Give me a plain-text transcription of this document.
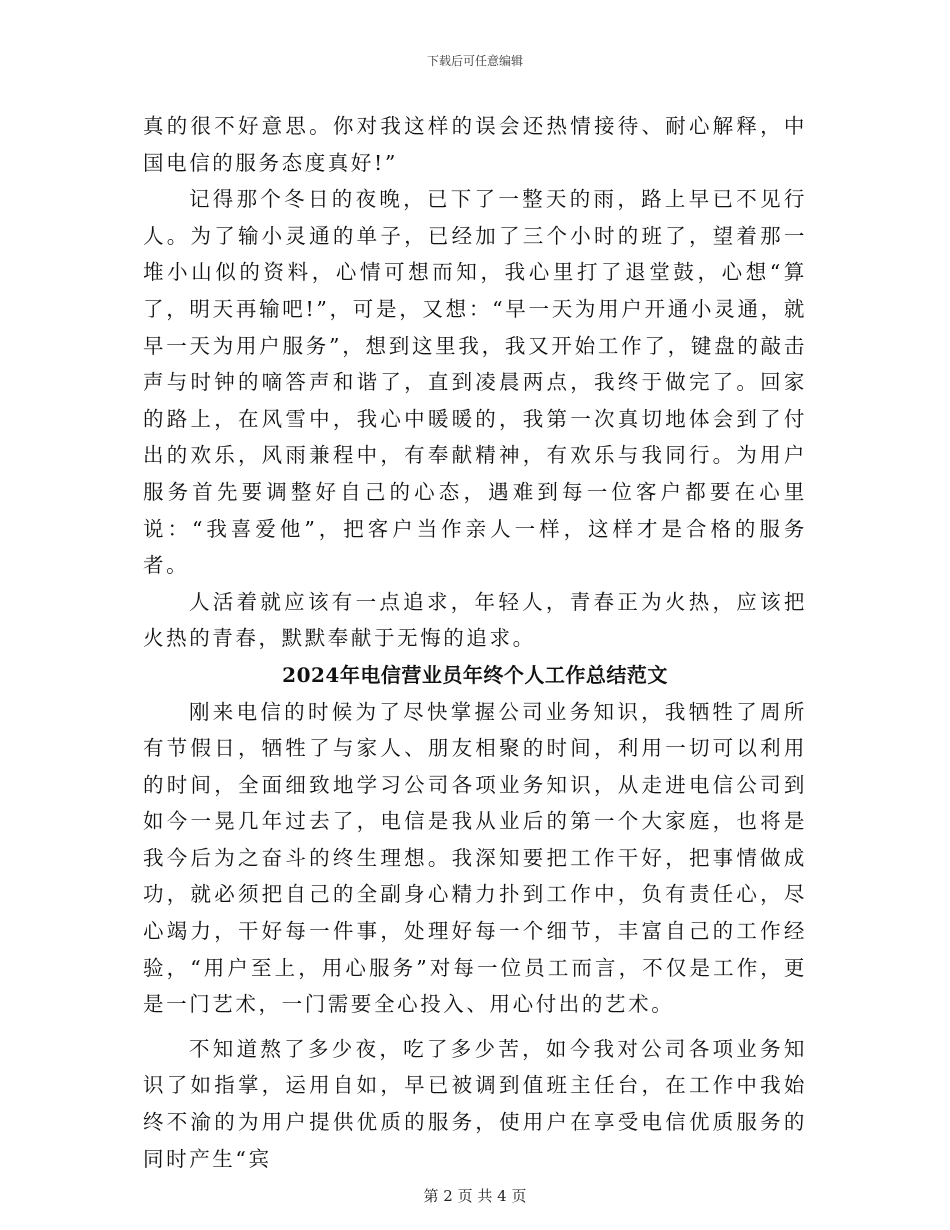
下载后可任意编辑

真的很不好意思。你对我这样的误会还热情接待、耐心解释，中国电信的服务态度真好!”

记得那个冬日的夜晚，已下了一整天的雨，路上早已不见行人。为了输小灵通的单子，已经加了三个小时的班了，望着那一堆小山似的资料，心情可想而知，我心里打了退堂鼓，心想“算了，明天再输吧!”，可是，又想：“早一天为用户开通小灵通，就早一天为用户服务”，想到这里我，我又开始工作了，键盘的敲击声与时钟的嘀答声和谐了，直到凌晨两点，我终于做完了。回家的路上，在风雪中，我心中暖暖的，我第一次真切地体会到了付出的欢乐，风雨兼程中，有奉献精神，有欢乐与我同行。为用户服务首先要调整好自己的心态，遇难到每一位客户都要在心里说：“我喜爱他”，把客户当作亲人一样，这样才是合格的服务者。

人活着就应该有一点追求，年轻人，青春正为火热，应该把火热的青春，默默奉献于无悔的追求。

2024年电信营业员年终个人工作总结范文

刚来电信的时候为了尽快掌握公司业务知识，我牺牲了周所有节假日，牺牲了与家人、朋友相聚的时间，利用一切可以利用的时间，全面细致地学习公司各项业务知识，从走进电信公司到如今一晃几年过去了，电信是我从业后的第一个大家庭，也将是我今后为之奋斗的终生理想。我深知要把工作干好，把事情做成功，就必须把自己的全副身心精力扑到工作中，负有责任心，尽心竭力，干好每一件事，处理好每一个细节，丰富自己的工作经验，“用户至上，用心服务”对每一位员工而言，不仅是工作，更是一门艺术，一门需要全心投入、用心付出的艺术。

不知道熬了多少夜，吃了多少苦，如今我对公司各项业务知识了如指掌，运用自如，早已被调到值班主任台，在工作中我始终不渝的为用户提供优质的服务，使用户在享受电信优质服务的同时产生“宾

第 2 页 共 4 页
